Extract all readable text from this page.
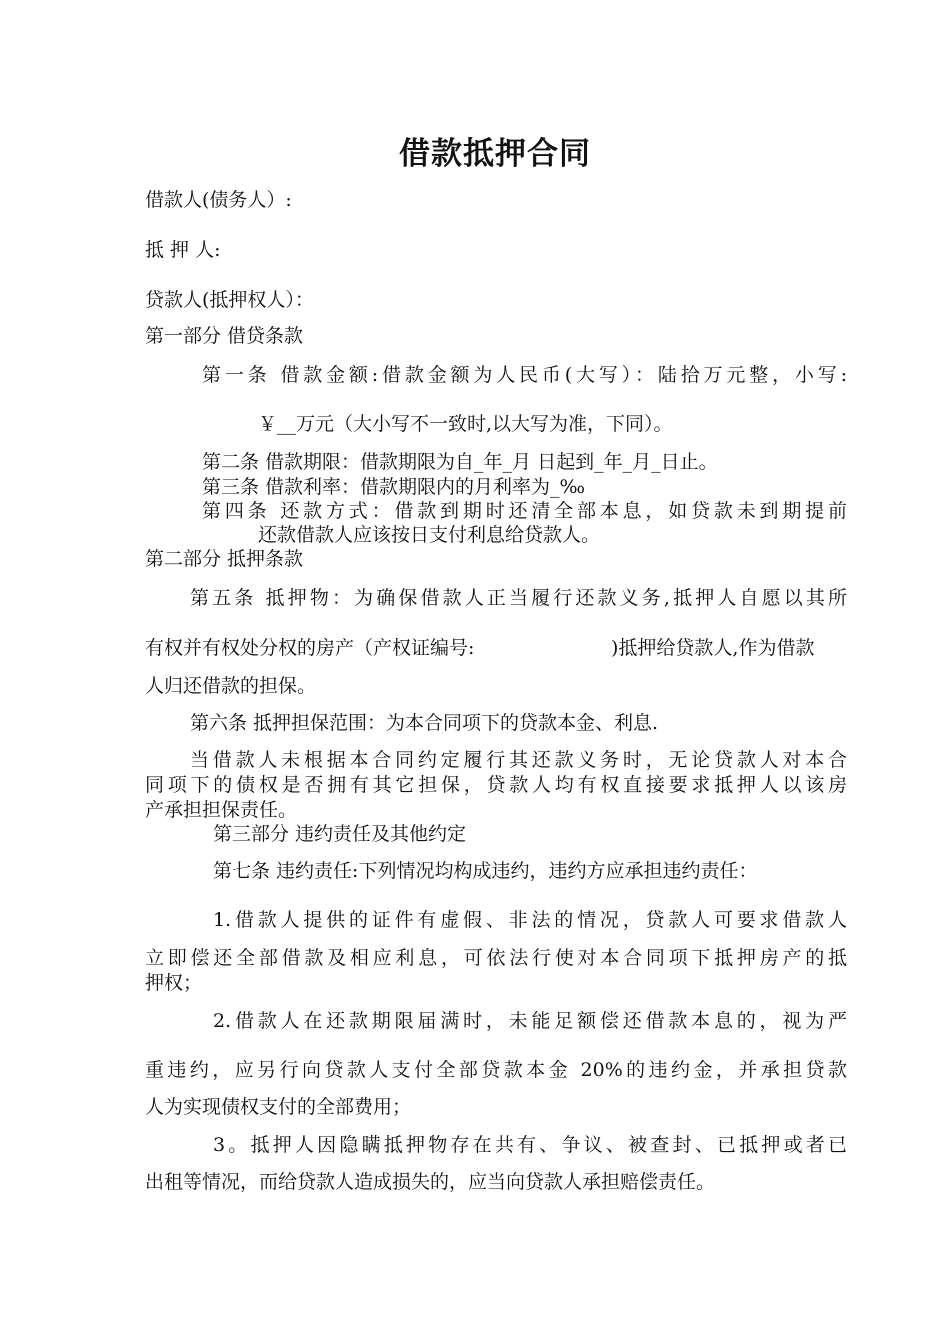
借款抵押合同
借款人(债务人）:
抵 押 人:
贷款人(抵押权人）：
第一部分 借贷条款
第一条 借款金额:借款金额为人民币(大写）：陆拾万元整，小写:
￥__万元（大小写不一致时,以大写为准，下同）。
第二条 借款期限：借款期限为自_年_月 日起到_年_月_日止。
第三条 借款利率：借款期限内的月利率为_‰
第四条 还款方式：借款到期时还清全部本息，如贷款未到期提前
还款借款人应该按日支付利息给贷款人。
第二部分 抵押条款
第五条 抵押物：为确保借款人正当履行还款义务,抵押人自愿以其所
有权并有权处分权的房产（产权证编号:	)抵押给贷款人,作为借款
人归还借款的担保。
第六条 抵押担保范围：为本合同项下的贷款本金、利息.
当借款人未根据本合同约定履行其还款义务时，无论贷款人对本合
同项下的债权是否拥有其它担保，贷款人均有权直接要求抵押人以该房
产承担担保责任。
第三部分 违约责任及其他约定
第七条 违约责任:下列情况均构成违约，违约方应承担违约责任：
1.借款人提供的证件有虚假、非法的情况，贷款人可要求借款人
立即偿还全部借款及相应利息，可依法行使对本合同项下抵押房产的抵
押权；
2.借款人在还款期限届满时，未能足额偿还借款本息的，视为严
重违约，应另行向贷款人支付全部贷款本金 20%的违约金，并承担贷款
人为实现债权支付的全部费用；
3。抵押人因隐瞒抵押物存在共有、争议、被查封、已抵押或者已
出租等情况，而给贷款人造成损失的，应当向贷款人承担赔偿责任。
